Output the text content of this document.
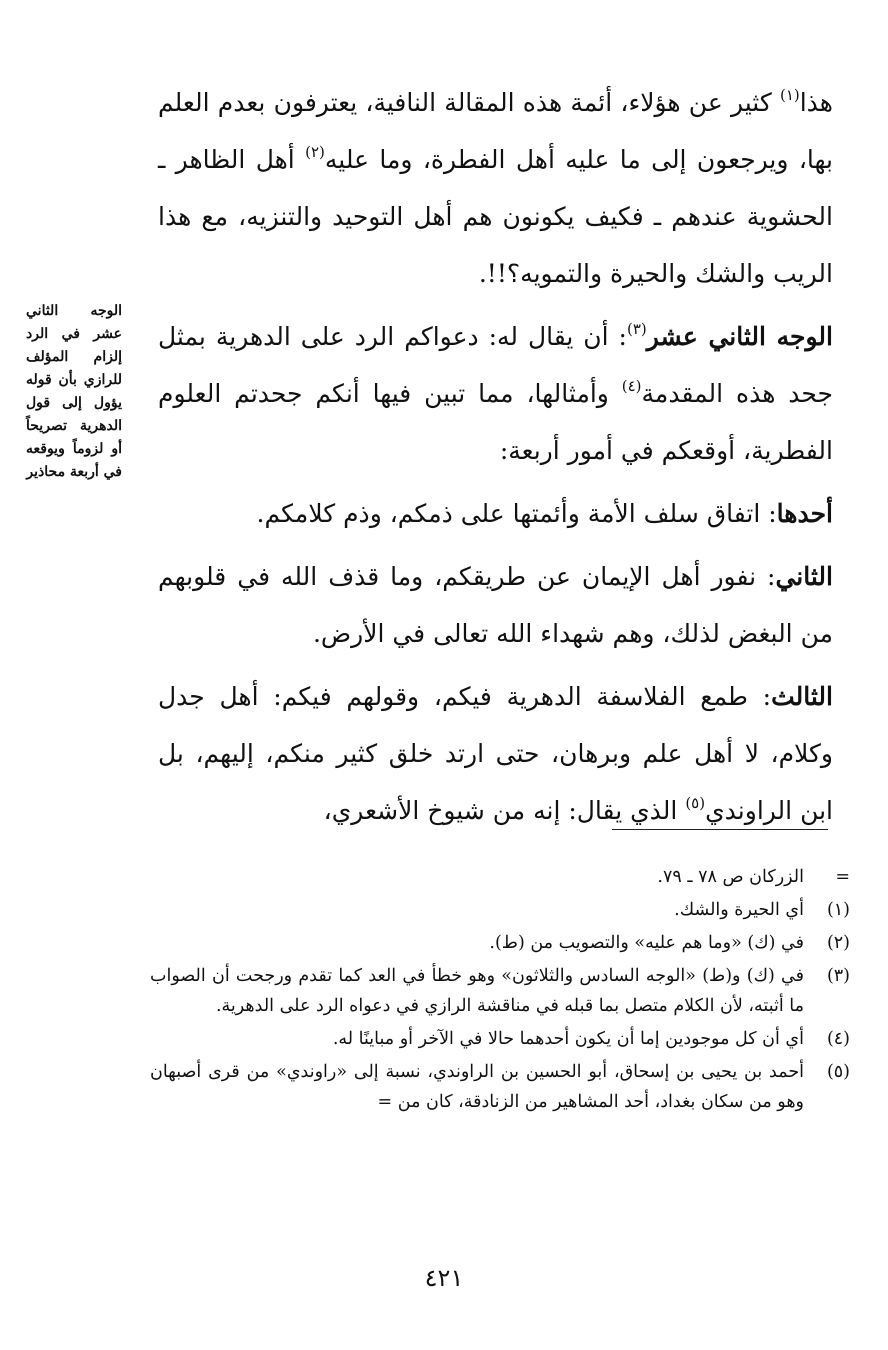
هذا$^{(١)}$ كثير عن هؤلاء، أئمة هذه المقالة النافية، يعترفون بعدم العلم بها، ويرجعون إلى ما عليه أهل الفطرة، وما عليه$^{(٢)}$ أهل الظاهر ـ الحشوية عندهم ـ فكيف يكونون هم أهل التوحيد والتنزيه، مع هذا الريب والشك والحيرة والتمويه؟!!.

الوجه الثاني عشر$^{(٣)}$: أن يقال له: دعواكم الرد على الدهرية بمثل جحد هذه المقدمة$^{(٤)}$ وأمثالها، مما تبين فيها أنكم جحدتم العلوم الفطرية، أوقعكم في أمور أربعة:

أحدها: اتفاق سلف الأمة وأئمتها على ذمكم، وذم كلامكم.

الثاني: نفور أهل الإيمان عن طريقكم، وما قذف الله في قلوبهم من البغض لذلك، وهم شهداء الله تعالى في الأرض.

الثالث: طمع الفلاسفة الدهرية فيكم، وقولهم فيكم: أهل جدل وكلام، لا أهل علم وبرهان، حتى ارتد خلق كثير منكم، إليهم، بل ابن الراوندي$^{(٥)}$ الذي يقال: إنه من شيوخ الأشعري،

الوجه الثاني عشر في الرد إلزام المؤلف للرازي بأن قوله يؤول إلى قول الدهرية تصريحاً أو لزوماً ويوقعه في أربعة محاذير
=
الزركان ص ٧٨ ـ ٧٩.
(١)
أي الحيرة والشك.
(٢)
في (ك) «وما هم عليه» والتصويب من (ط).
(٣)
في (ك) و(ط) «الوجه السادس والثلاثون» وهو خطأ في العد كما تقدم ورجحت أن الصواب ما أثبته، لأن الكلام متصل بما قبله في مناقشة الرازي في دعواه الرد على الدهرية.
(٤)
أي أن كل موجودين إما أن يكون أحدهما حالا في الآخر أو مباينًا له.
(٥)
أحمد بن يحيى بن إسحاق، أبو الحسين بن الراوندي، نسبة إلى «راوندي» من قرى أصبهان وهو من سكان بغداد، أحد المشاهير من الزنادقة، كان من =
٤٢١
